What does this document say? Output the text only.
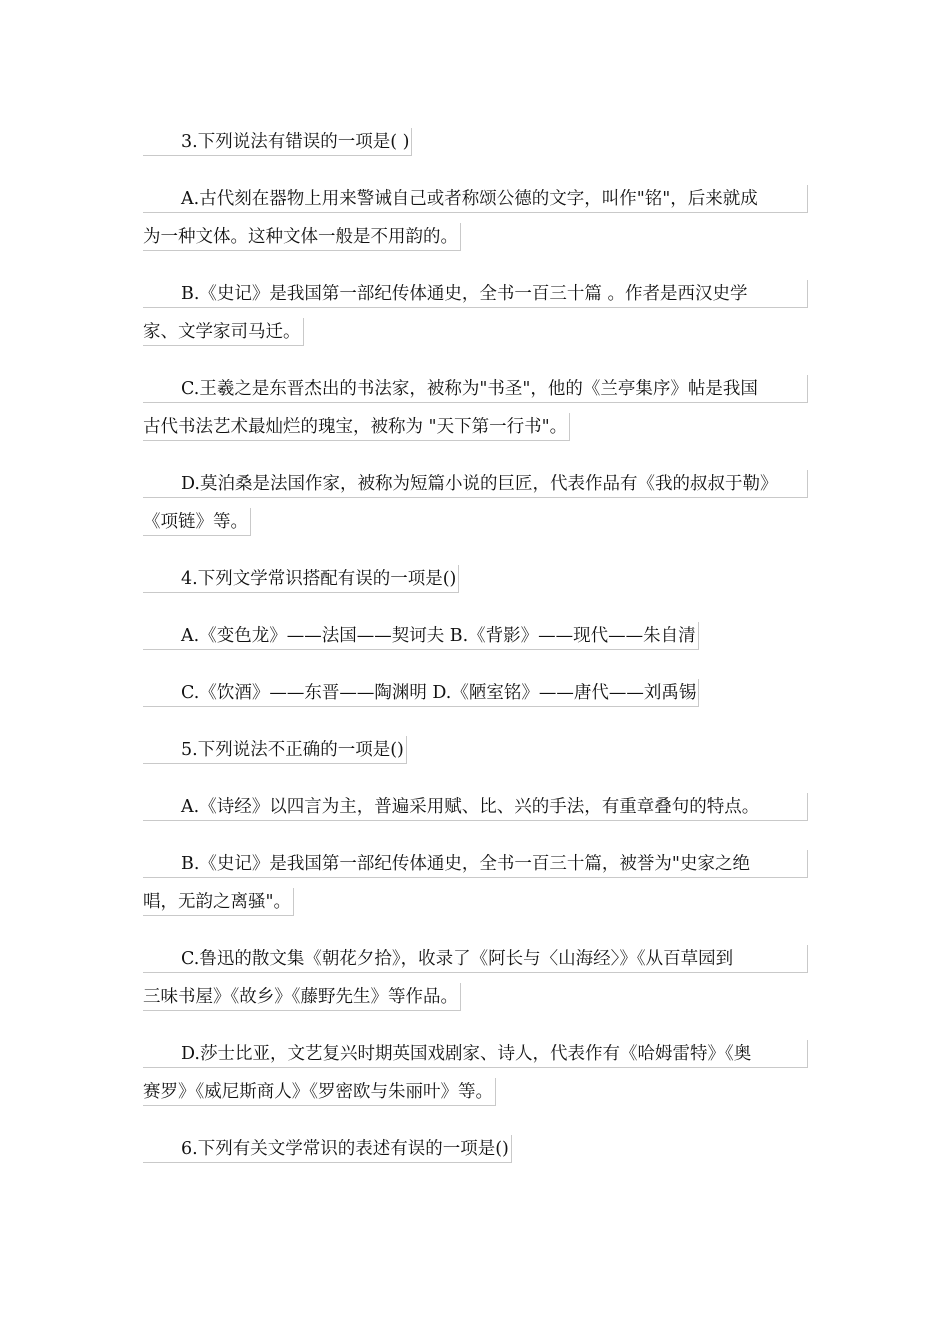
3.下列说法有错误的一项是( )
A.古代刻在器物上用来警诫自己或者称颂公德的文字，叫作"铭"，后来就成
为一种文体。这种文体一般是不用韵的。
B.《史记》是我国第一部纪传体通史，全书一百三十篇 。作者是西汉史学
家、文学家司马迁。
C.王羲之是东晋杰出的书法家，被称为"书圣"，他的《兰亭集序》帖是我国
古代书法艺术最灿烂的瑰宝，被称为 "天下第一行书"。
D.莫泊桑是法国作家，被称为短篇小说的巨匠，代表作品有《我的叔叔于勒》
《项链》等。
4.下列文学常识搭配有误的一项是()
A.《变色龙》——法国——契诃夫 B.《背影》——现代——朱自清
C.《饮酒》——东晋——陶渊明 D.《陋室铭》——唐代——刘禹锡
5.下列说法不正确的一项是()
A.《诗经》以四言为主，普遍采用赋、比、兴的手法，有重章叠句的特点。
B.《史记》是我国第一部纪传体通史，全书一百三十篇，被誉为"史家之绝
唱，无韵之离骚"。
C.鲁迅的散文集《朝花夕拾》，收录了《阿长与〈山海经〉》《从百草园到
三味书屋》《故乡》《藤野先生》等作品。
D.莎士比亚，文艺复兴时期英国戏剧家、诗人，代表作有《哈姆雷特》《奥
赛罗》《威尼斯商人》《罗密欧与朱丽叶》等。
6.下列有关文学常识的表述有误的一项是()
